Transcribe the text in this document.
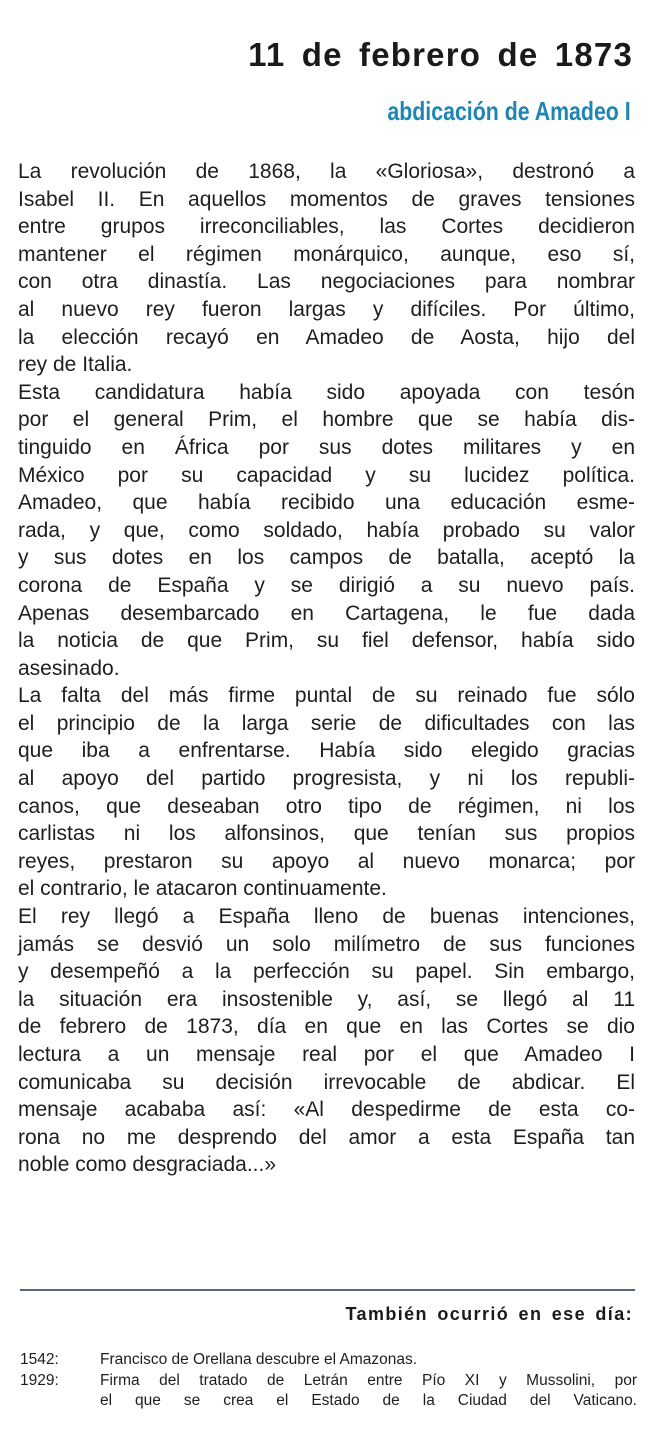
11 de febrero de 1873
abdicación de Amadeo I

La revolución de 1868, la «Gloriosa», destronó a
Isabel II. En aquellos momentos de graves tensiones
entre grupos irreconciliables, las Cortes decidieron
mantener el régimen monárquico, aunque, eso sí,
con otra dinastía. Las negociaciones para nombrar
al nuevo rey fueron largas y difíciles. Por último,
la elección recayó en Amadeo de Aosta, hijo del
rey de Italia.

Esta candidatura había sido apoyada con tesón
por el general Prim, el hombre que se había dis-
tinguido en África por sus dotes militares y en
México por su capacidad y su lucidez política.
Amadeo, que había recibido una educación esme-
rada, y que, como soldado, había probado su valor
y sus dotes en los campos de batalla, aceptó la
corona de España y se dirigió a su nuevo país.
Apenas desembarcado en Cartagena, le fue dada
la noticia de que Prim, su fiel defensor, había sido
asesinado.

La falta del más firme puntal de su reinado fue sólo
el principio de la larga serie de dificultades con las
que iba a enfrentarse. Había sido elegido gracias
al apoyo del partido progresista, y ni los republi-
canos, que deseaban otro tipo de régimen, ni los
carlistas ni los alfonsinos, que tenían sus propios
reyes, prestaron su apoyo al nuevo monarca; por
el contrario, le atacaron continuamente.

El rey llegó a España lleno de buenas intenciones,
jamás se desvió un solo milímetro de sus funciones
y desempeñó a la perfección su papel. Sin embargo,
la situación era insostenible y, así, se llegó al 11
de febrero de 1873, día en que en las Cortes se dio
lectura a un mensaje real por el que Amadeo I
comunicaba su decisión irrevocable de abdicar. El
mensaje acababa así: «Al despedirme de esta co-
rona no me desprendo del amor a esta España tan
noble como desgraciada...»

También ocurrió en ese día:
1542:	Francisco de Orellana descubre el Amazonas.
1929:	Firma del tratado de Letrán entre Pío XI y Mussolini, por
el que se crea el Estado de la Ciudad del Vaticano.
